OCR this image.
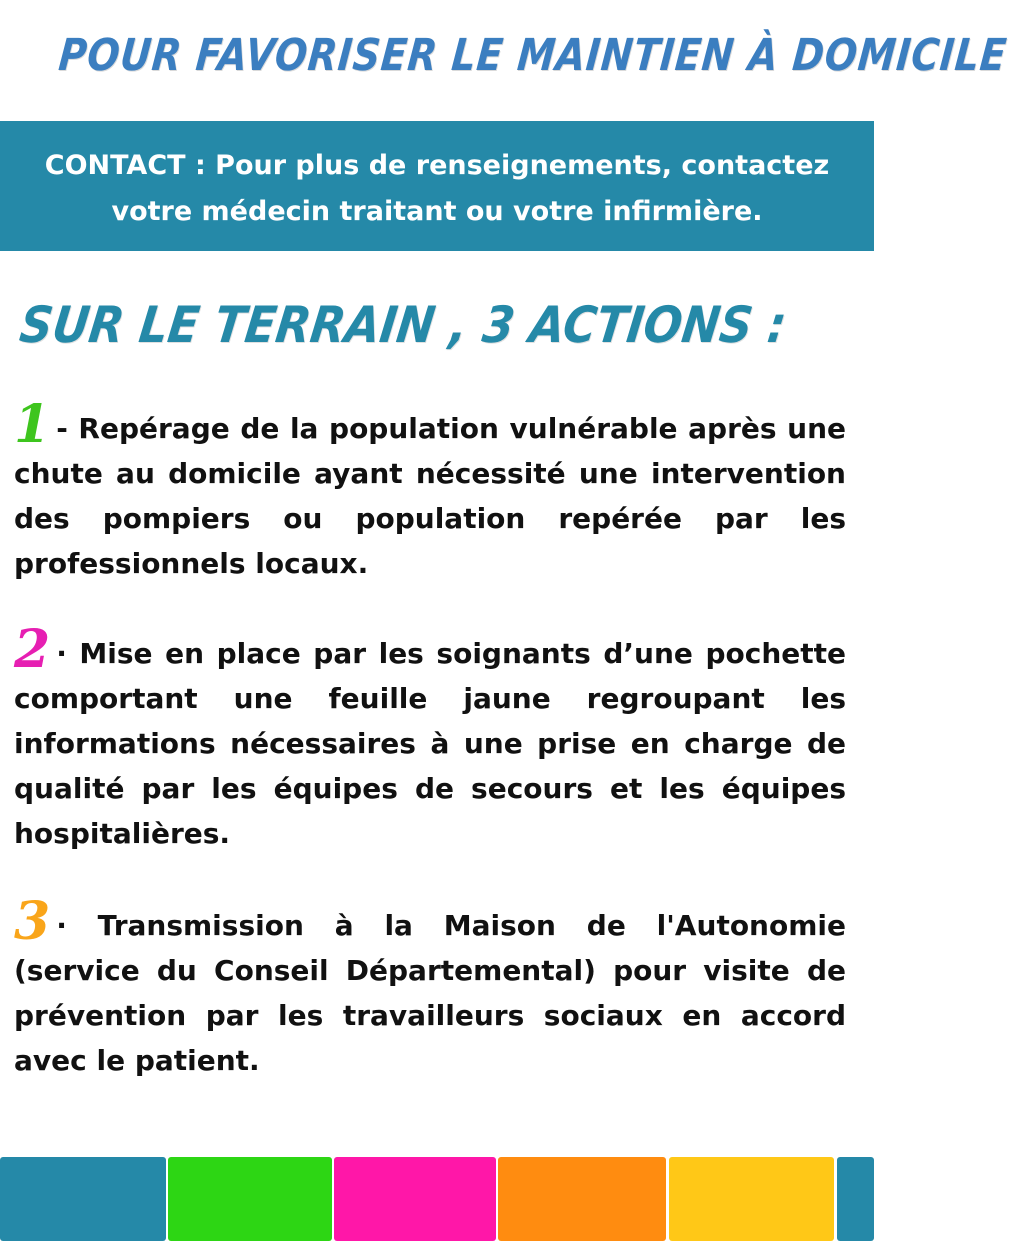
POUR FAVORISER LE MAINTIEN À DOMICILE
CONTACT : Pour plus de renseignements, contactez
votre médecin traitant ou votre infirmière.
SUR LE TERRAIN , 3 ACTIONS :
1 - Repérage de la population vulnérable après une chute au domicile ayant nécessité une intervention des pompiers ou population repérée par les professionnels locaux.
2 · Mise en place par les soignants d’une pochette comportant une feuille jaune regroupant les informations nécessaires à une prise en charge de qualité par les équipes de secours et les équipes hospitalières.
3 · Transmission à la Maison de l'Autonomie (service du Conseil Départemental) pour visite de prévention par les travailleurs sociaux en accord avec le patient.
